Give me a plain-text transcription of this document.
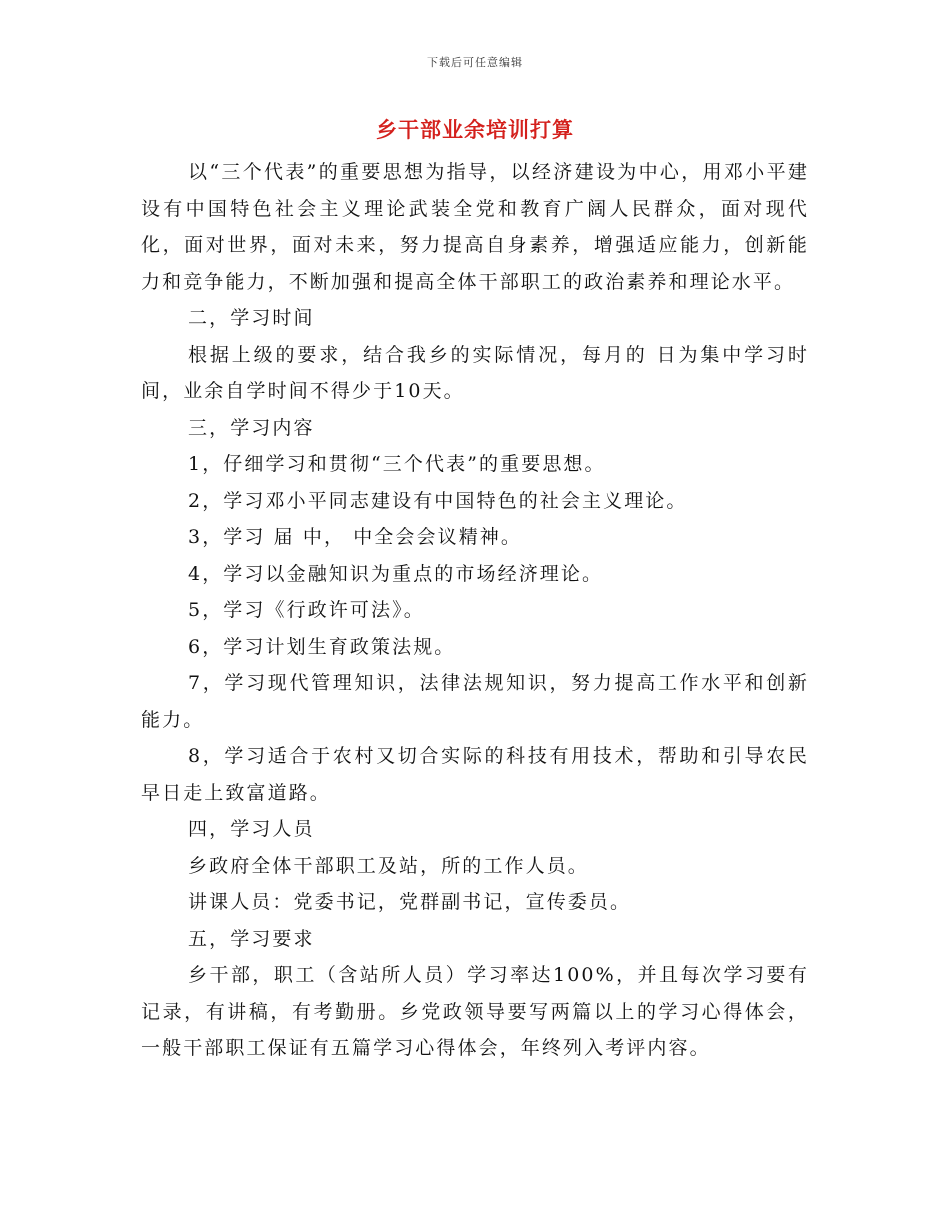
下载后可任意编辑
乡干部业余培训打算

以“三个代表”的重要思想为指导，以经济建设为中心，用邓小平建设有中国特色社会主义理论武装全党和教育广阔人民群众，面对现代化，面对世界，面对未来，努力提高自身素养，增强适应能力，创新能力和竞争能力，不断加强和提高全体干部职工的政治素养和理论水平。

二，学习时间

根据上级的要求，结合我乡的实际情况，每月的 日为集中学习时间，业余自学时间不得少于10天。

三，学习内容

1，仔细学习和贯彻“三个代表”的重要思想。

2，学习邓小平同志建设有中国特色的社会主义理论。

3，学习 届 中， 中全会会议精神。

4，学习以金融知识为重点的市场经济理论。

5，学习《行政许可法》。

6，学习计划生育政策法规。

7，学习现代管理知识，法律法规知识，努力提高工作水平和创新能力。

8，学习适合于农村又切合实际的科技有用技术，帮助和引导农民早日走上致富道路。

四，学习人员

乡政府全体干部职工及站，所的工作人员。

讲课人员：党委书记，党群副书记，宣传委员。

五，学习要求

乡干部，职工（含站所人员）学习率达100%，并且每次学习要有记录，有讲稿，有考勤册。乡党政领导要写两篇以上的学习心得体会，一般干部职工保证有五篇学习心得体会，年终列入考评内容。
